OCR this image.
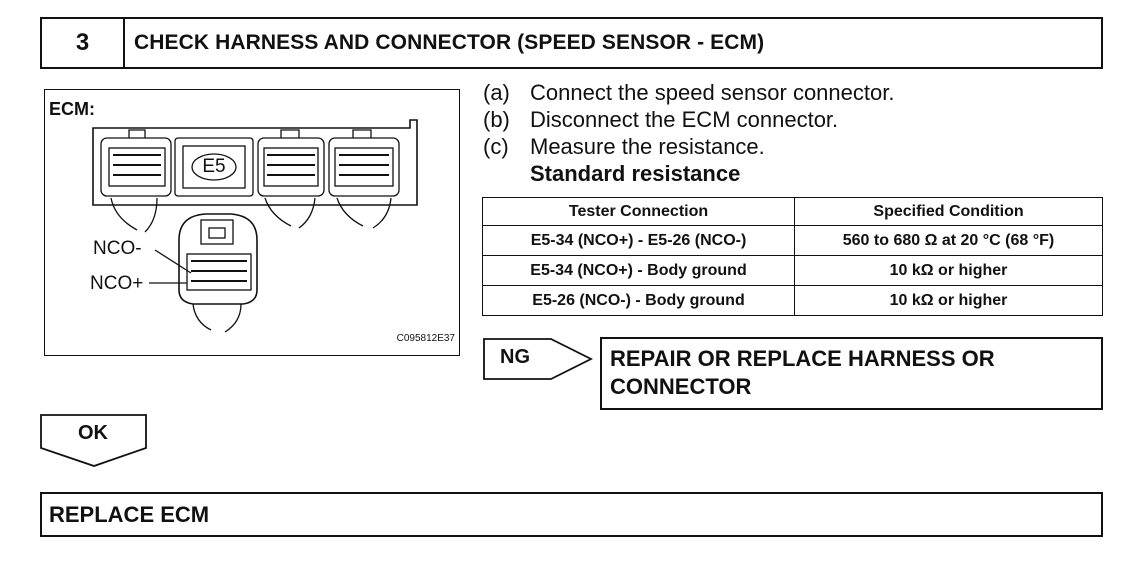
3	CHECK HARNESS AND CONNECTOR (SPEED SENSOR - ECM)
ECM:
E5
NCO-
NCO+
C095812E37
(a) Connect the speed sensor connector.
(b) Disconnect the ECM connector.
(c) Measure the resistance.
Standard resistance
Tester Connection	Specified Condition
E5-34 (NCO+) - E5-26 (NCO-)	560 to 680 Ω at 20 °C (68 °F)
E5-34 (NCO+) - Body ground	10 kΩ or higher
E5-26 (NCO-) - Body ground	10 kΩ or higher
NG	REPAIR OR REPLACE HARNESS OR
CONNECTOR
OK
REPLACE ECM
